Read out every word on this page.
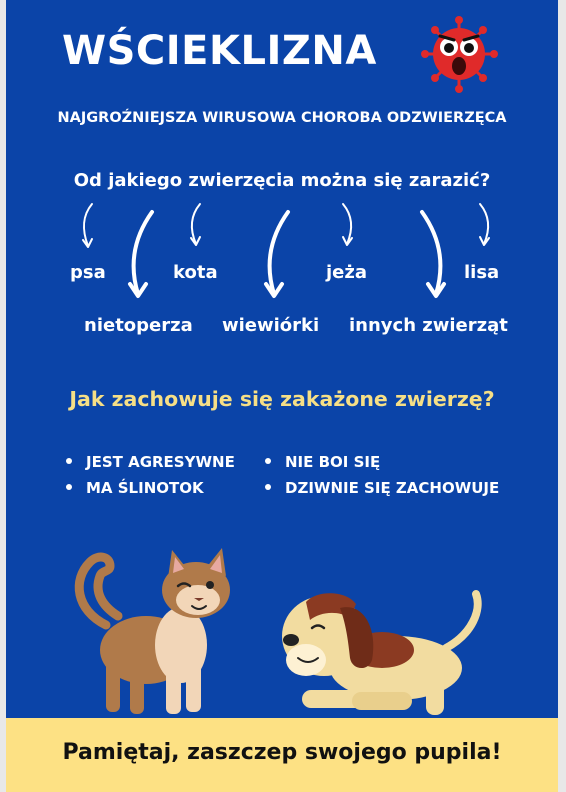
WŚCIEKLIZNA
NAJGROŹNIEJSZA WIRUSOWA CHOROBA ODZWIERZĘCA
Od jakiego zwierzęcia można się zarazić?
psa	kota	jeża	lisa
nietoperza wiewiórki innych zwierząt
Jak zachowuje się zakażone zwierzę?
JEST AGRESYWNE
MA ŚLINOTOK
NIE BOI SIĘ
DZIWNIE SIĘ ZACHOWUJE
Pamiętaj, zaszczep swojego pupila!
